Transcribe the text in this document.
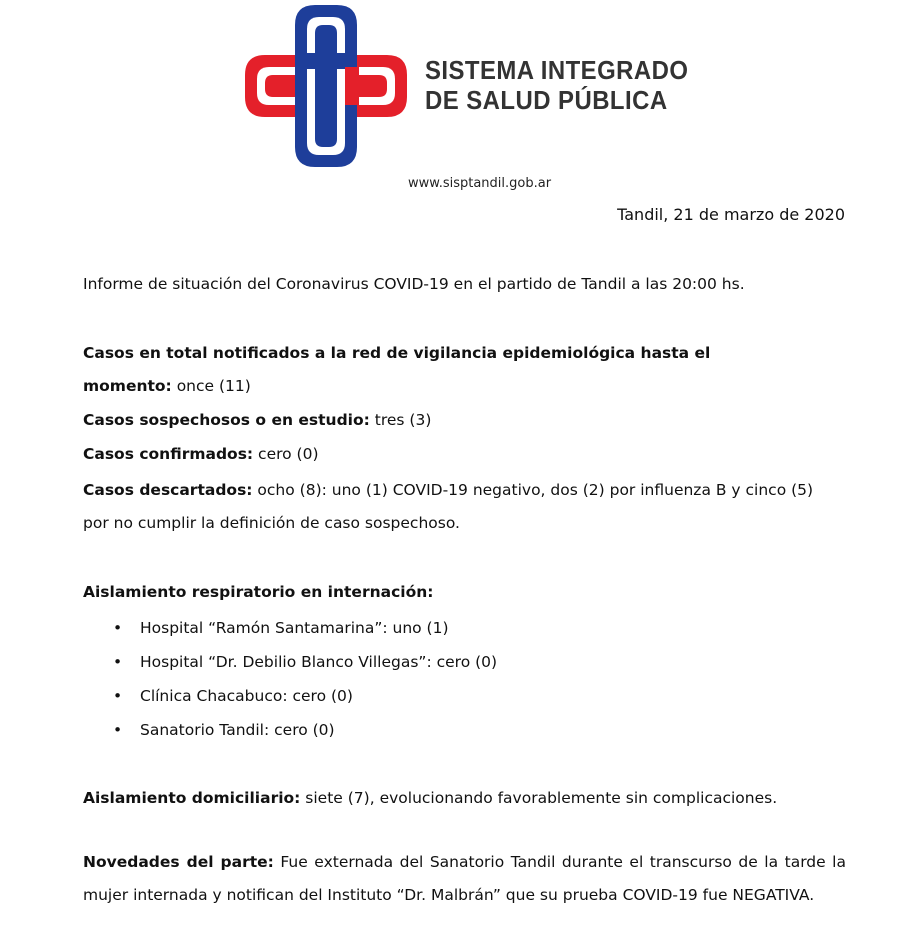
SISTEMA INTEGRADO
DE SALUD PÚBLICA
www.sisptandil.gob.ar
Tandil, 21 de marzo de 2020
Informe de situación del Coronavirus COVID-19 en el partido de Tandil a las 20:00 hs.
Casos en total notificados a la red de vigilancia epidemiológica hasta el momento: once (11)
Casos sospechosos o en estudio: tres (3)
Casos confirmados: cero (0)
Casos descartados: ocho (8): uno (1) COVID-19 negativo, dos (2) por influenza B y cinco (5) por no cumplir la definición de caso sospechoso.
Aislamiento respiratorio en internación:
• Hospital “Ramón Santamarina”: uno (1)
• Hospital “Dr. Debilio Blanco Villegas”: cero (0)
• Clínica Chacabuco: cero (0)
• Sanatorio Tandil: cero (0)
Aislamiento domiciliario: siete (7), evolucionando favorablemente sin complicaciones.
Novedades del parte: Fue externada del Sanatorio Tandil durante el transcurso de la tarde la mujer internada y notifican del Instituto “Dr. Malbrán” que su prueba COVID-19 fue NEGATIVA.
